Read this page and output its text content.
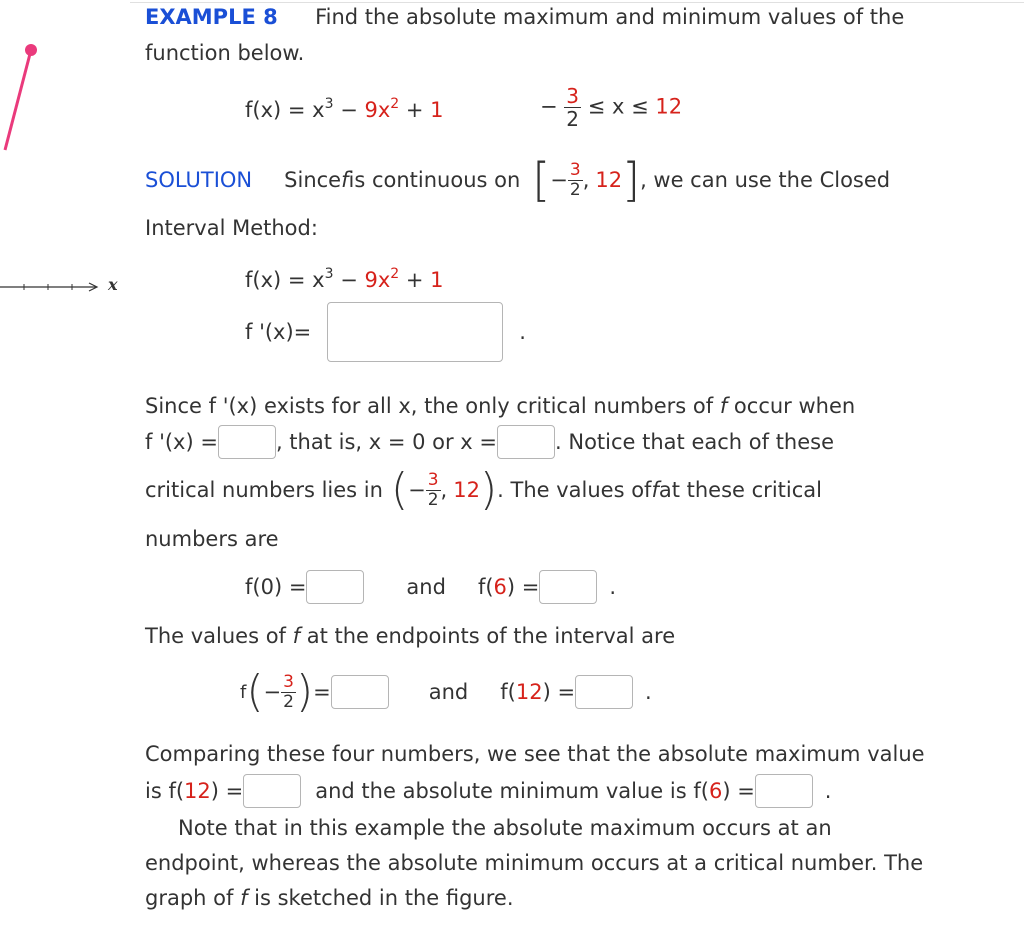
x
EXAMPLE 8 Find the absolute maximum and minimum values of the
function below.
$f(x) = x^3 - 9x^2 + 1$	− $\frac{3}{2} \le x \le 12$
SOLUTION Since f is continuous on [ − $\frac{3}{2}$ , 12 ] , we can use the Closed
Interval Method:
$f(x) = x^3 - 9x^2 + 1$
f '(x) =	.
Since f '(x) exists for all x, the only critical numbers of f occur when
f '(x) =	, that is, x = 0 or x =	. Notice that each of these
critical numbers lies in ( − $\frac{3}{2}$ , 12 ) . The values of f at these critical
numbers are
f(0) =	and f( 6 ) =	.
The values of f at the endpoints of the interval are
f ( − $\frac{3}{2}$ ) =	and f( 12 ) =	.
Comparing these four numbers, we see that the absolute maximum value
is f( 12 ) =	and the absolute minimum value is f( 6 ) =	.
Note that in this example the absolute maximum occurs at an
endpoint, whereas the absolute minimum occurs at a critical number. The
graph of f is sketched in the figure.
